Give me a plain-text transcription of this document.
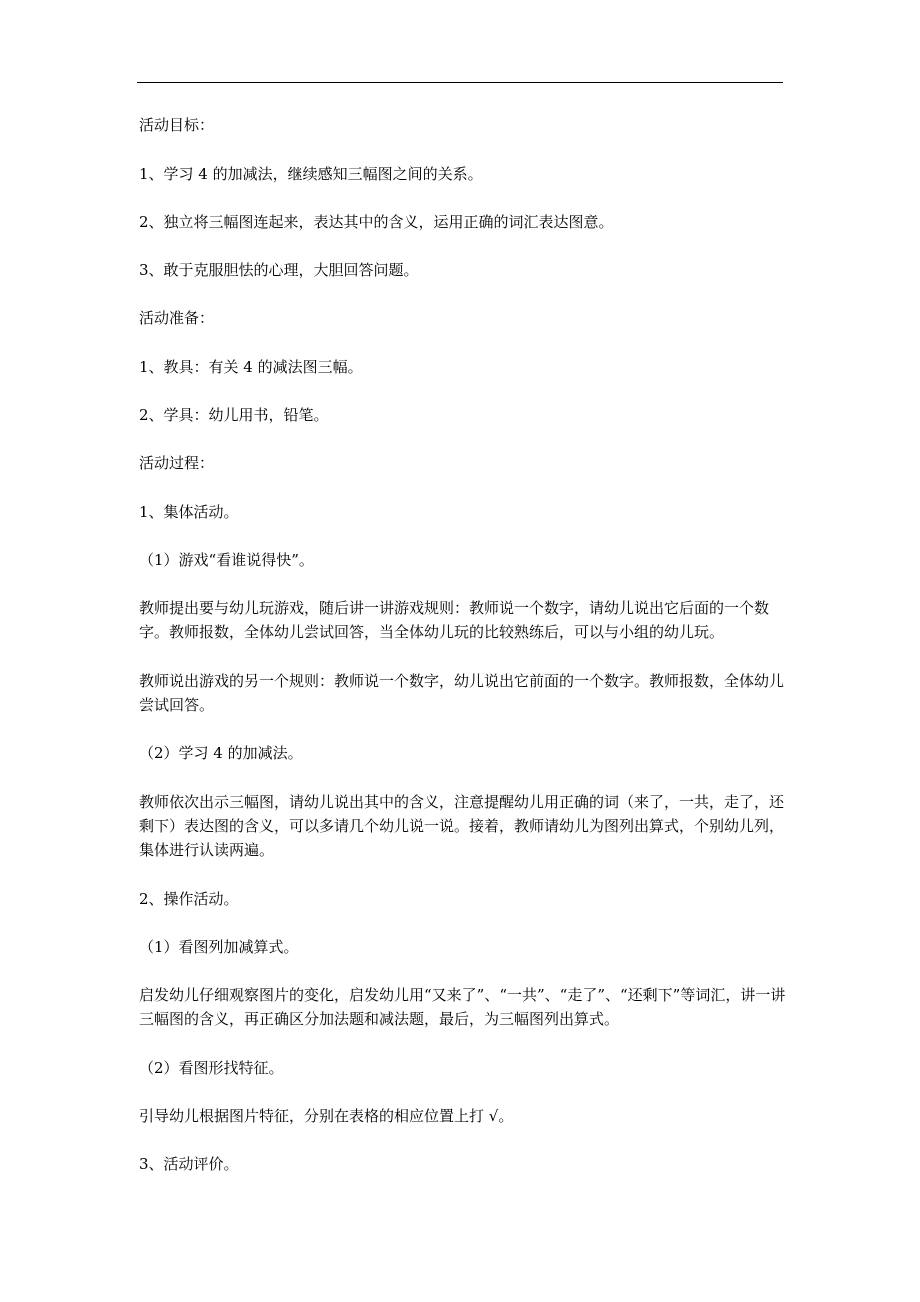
活动目标：
1、学习 4 的加减法，继续感知三幅图之间的关系。
2、独立将三幅图连起来，表达其中的含义，运用正确的词汇表达图意。
3、敢于克服胆怯的心理，大胆回答问题。
活动准备：
1、教具：有关 4 的减法图三幅。
2、学具：幼儿用书，铅笔。
活动过程：
1、集体活动。
（1）游戏“看谁说得快”。
教师提出要与幼儿玩游戏，随后讲一讲游戏规则：教师说一个数字，请幼儿说出它后面的一个数字。教师报数，全体幼儿尝试回答，当全体幼儿玩的比较熟练后，可以与小组的幼儿玩。
教师说出游戏的另一个规则：教师说一个数字，幼儿说出它前面的一个数字。教师报数，全体幼儿尝试回答。
（2）学习 4 的加减法。
教师依次出示三幅图，请幼儿说出其中的含义，注意提醒幼儿用正确的词（来了，一共，走了，还剩下）表达图的含义，可以多请几个幼儿说一说。接着，教师请幼儿为图列出算式，个别幼儿列，集体进行认读两遍。
2、操作活动。
（1）看图列加减算式。
启发幼儿仔细观察图片的变化，启发幼儿用“又来了”、“一共”、“走了”、“还剩下”等词汇，讲一讲三幅图的含义，再正确区分加法题和减法题，最后，为三幅图列出算式。
（2）看图形找特征。
引导幼儿根据图片特征，分别在表格的相应位置上打 √。
3、活动评价。
